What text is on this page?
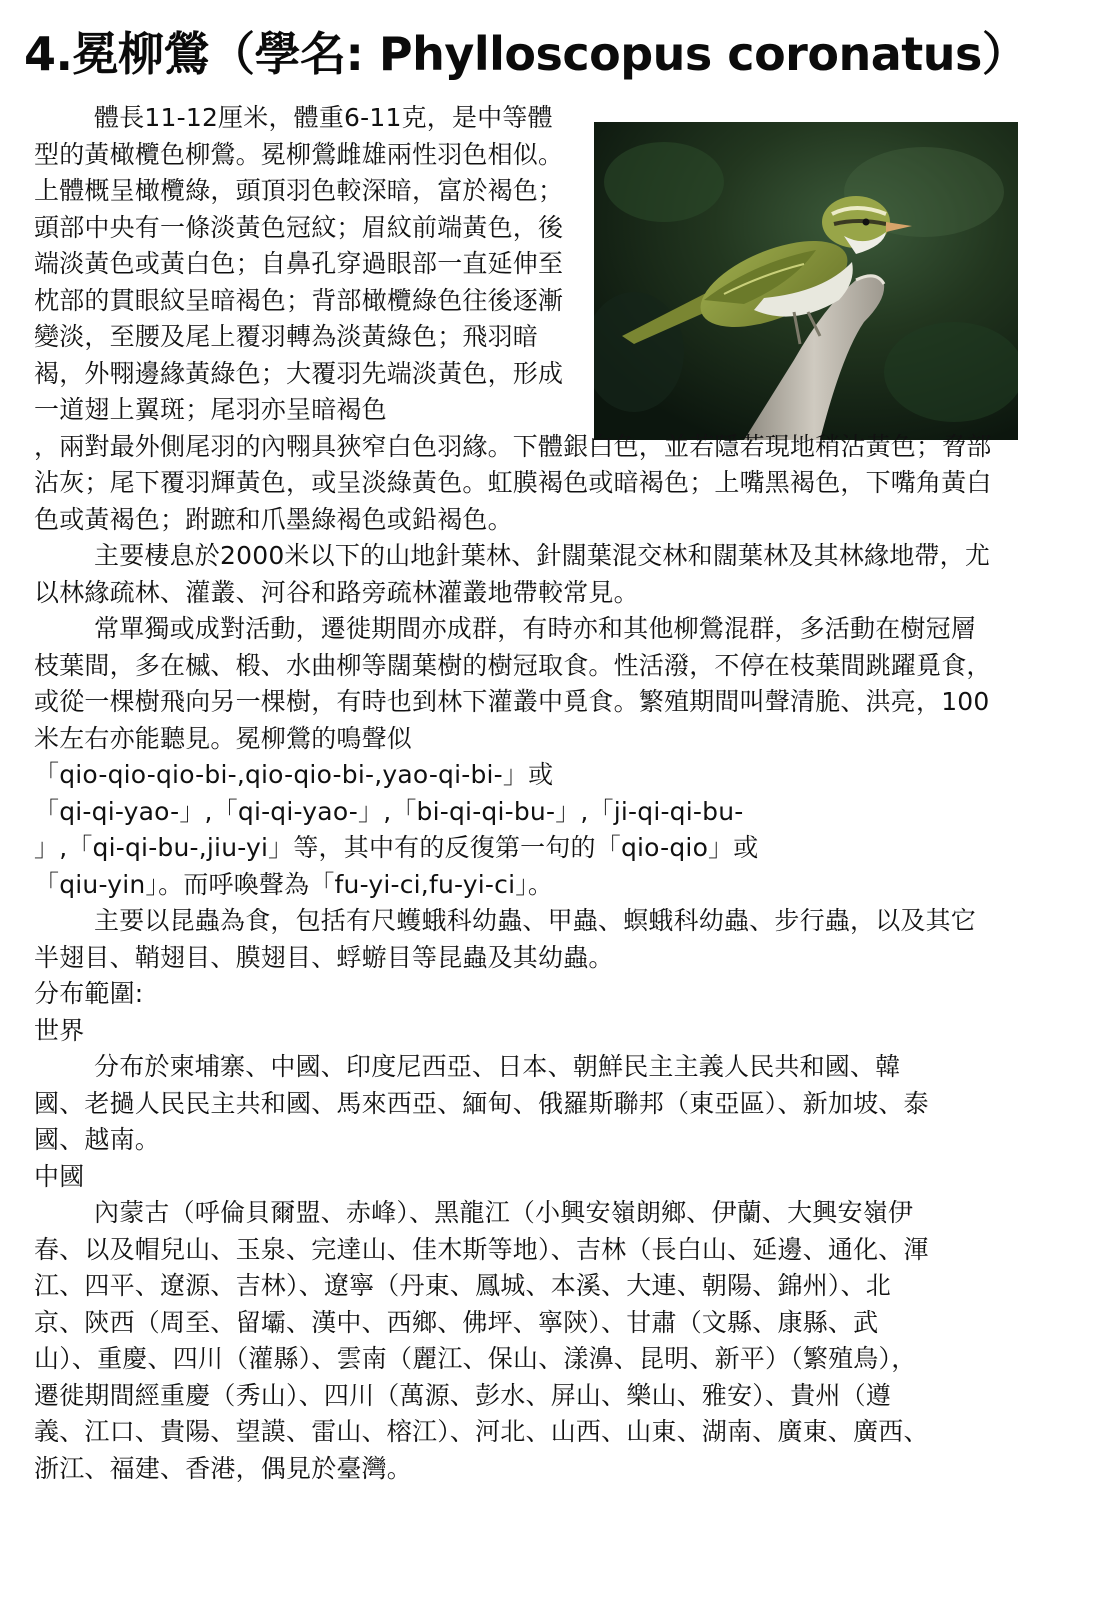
4.冕柳鶯（學名: Phylloscopus coronatus）

體長11-12厘米，體重6-11克，是中等體型的黃橄欖色柳鶯。冕柳鶯雌雄兩性羽色相似。上體概呈橄欖綠，頭頂羽色較深暗，富於褐色；頭部中央有一條淡黃色冠紋；眉紋前端黃色，後端淡黃色或黃白色；自鼻孔穿過眼部一直延伸至枕部的貫眼紋呈暗褐色；背部橄欖綠色往後逐漸變淡，至腰及尾上覆羽轉為淡黃綠色；飛羽暗褐，外翈邊緣黃綠色；大覆羽先端淡黃色，形成一道翅上翼斑；尾羽亦呈暗褐色

，兩對最外側尾羽的內翈具狹窄白色羽緣。下體銀白色，並若隱若現地稍沾黃色；脅部沾灰；尾下覆羽輝黃色，或呈淡綠黃色。虹膜褐色或暗褐色；上嘴黑褐色，下嘴角黃白色或黃褐色；跗蹠和爪墨綠褐色或鉛褐色。

主要棲息於2000米以下的山地針葉林、針闊葉混交林和闊葉林及其林緣地帶，尤以林緣疏林、灌叢、河谷和路旁疏林灌叢地帶較常見。

常單獨或成對活動，遷徙期間亦成群，有時亦和其他柳鶯混群，多活動在樹冠層枝葉間，多在槭、椴、水曲柳等闊葉樹的樹冠取食。性活潑，不停在枝葉間跳躍覓食，或從一棵樹飛向另一棵樹，有時也到林下灌叢中覓食。繁殖期間叫聲清脆、洪亮，100米左右亦能聽見。冕柳鶯的鳴聲似

「qio-qio-qio-bi-,qio-qio-bi-,yao-qi-bi-」或

「qi-qi-yao-」,「qi-qi-yao-」,「bi-qi-qi-bu-」,「ji-qi-qi-bu-

」,「qi-qi-bu-,jiu-yi」等，其中有的反復第一句的「qio-qio」或

「qiu-yin」。而呼喚聲為「fu-yi-ci,fu-yi-ci」。

主要以昆蟲為食，包括有尺蠖蛾科幼蟲、甲蟲、螟蛾科幼蟲、步行蟲，以及其它半翅目、鞘翅目、膜翅目、蜉蝣目等昆蟲及其幼蟲。

分布範圍:

世界

分布於柬埔寨、中國、印度尼西亞、日本、朝鮮民主主義人民共和國、韓國、老撾人民民主共和國、馬來西亞、緬甸、俄羅斯聯邦（東亞區）、新加坡、泰國、越南。

中國

內蒙古（呼倫貝爾盟、赤峰）、黑龍江（小興安嶺朗鄉、伊蘭、大興安嶺伊春、以及帽兒山、玉泉、完達山、佳木斯等地）、吉林（長白山、延邊、通化、渾江、四平、遼源、吉林）、遼寧（丹東、鳳城、本溪、大連、朝陽、錦州）、北京、陝西（周至、留壩、漢中、西鄉、佛坪、寧陝）、甘肅（文縣、康縣、武山）、重慶、四川（灌縣）、雲南（麗江、保山、漾濞、昆明、新平）（繁殖鳥），遷徙期間經重慶（秀山）、四川（萬源、彭水、屏山、樂山、雅安）、貴州（遵義、江口、貴陽、望謨、雷山、榕江）、河北、山西、山東、湖南、廣東、廣西、浙江、福建、香港，偶見於臺灣。
